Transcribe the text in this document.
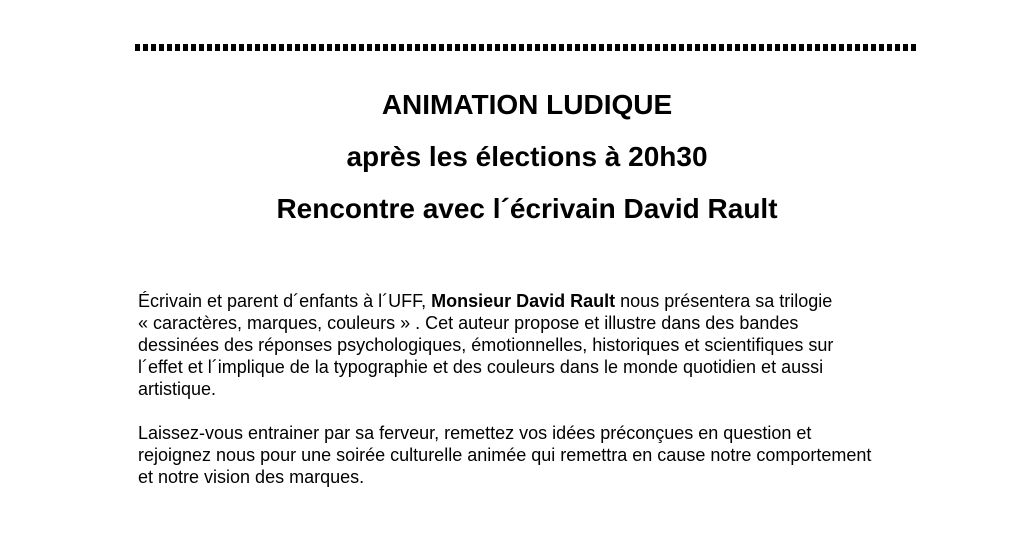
ANIMATION LUDIQUE
après les élections à 20h30
Rencontre avec l´écrivain David Rault
Écrivain et parent d´enfants à l´UFF, Monsieur David Rault nous présentera sa trilogie
« caractères, marques, couleurs » . Cet auteur propose et illustre dans des bandes
dessinées des réponses psychologiques, émotionnelles, historiques et scientifiques sur
l´effet et l´implique de la typographie et des couleurs dans le monde quotidien et aussi
artistique.
Laissez-vous entrainer par sa ferveur, remettez vos idées préconçues en question et
rejoignez nous pour une soirée culturelle animée qui remettra en cause notre comportement
et notre vision des marques.
